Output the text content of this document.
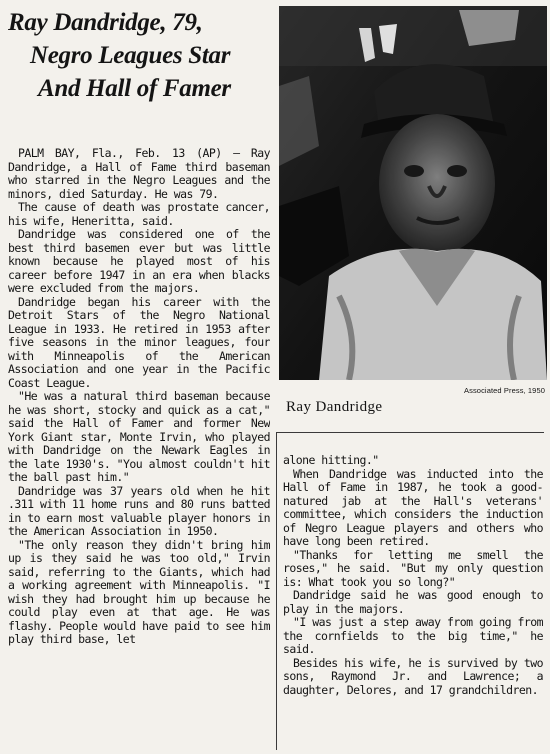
Ray Dandridge, 79,
Negro Leagues Star
And Hall of Famer
Associated Press, 1950
Ray Dandridge

PALM BAY, Fla., Feb. 13 (AP) — Ray Dandridge, a Hall of Fame third baseman who starred in the Negro Leagues and the minors, died Saturday. He was 79.

The cause of death was prostate cancer, his wife, Heneritta, said.

Dandridge was considered one of the best third basemen ever but was little known because he played most of his career before 1947 in an era when blacks were excluded from the majors.

Dandridge began his career with the Detroit Stars of the Negro National League in 1933. He retired in 1953 after five seasons in the minor leagues, four with Minneapolis of the American Association and one year in the Pacific Coast League.

"He was a natural third baseman because he was short, stocky and quick as a cat," said the Hall of Famer and former New York Giant star, Monte Irvin, who played with Dandridge on the Newark Eagles in the late 1930's. "You almost couldn't hit the ball past him."

Dandridge was 37 years old when he hit .311 with 11 home runs and 80 runs batted in to earn most valuable player honors in the American Association in 1950.

"The only reason they didn't bring him up is they said he was too old," Irvin said, referring to the Giants, which had a working agreement with Minneapolis. "I wish they had brought him up because he could play even at that age. He was flashy. People would have paid to see him play third base, let

alone hitting."

When Dandridge was inducted into the Hall of Fame in 1987, he took a good-natured jab at the Hall's veterans' committee, which considers the induction of Negro League players and others who have long been retired.

"Thanks for letting me smell the roses," he said. "But my only question is: What took you so long?"

Dandridge said he was good enough to play in the majors.

"I was just a step away from going from the cornfields to the big time," he said.

Besides his wife, he is survived by two sons, Raymond Jr. and Lawrence; a daughter, Delores, and 17 grandchildren.
